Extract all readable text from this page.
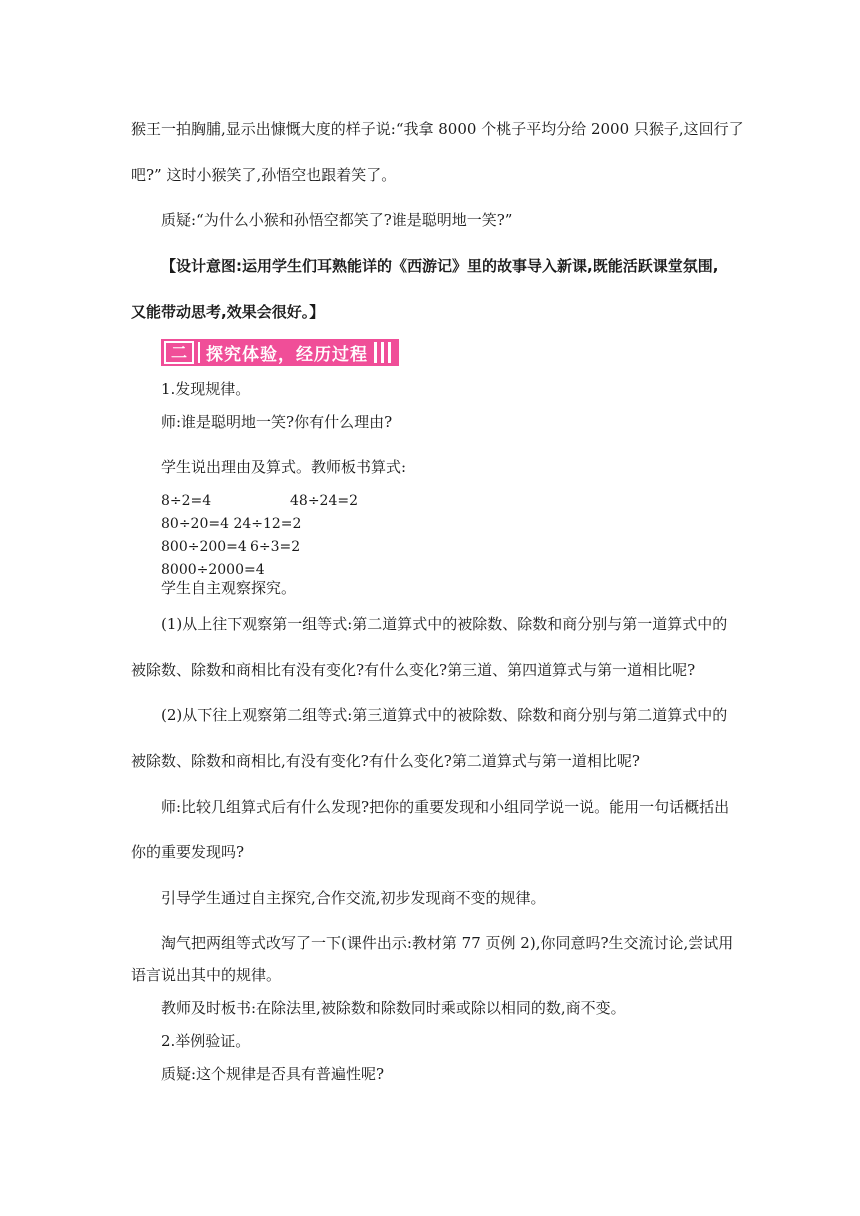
猴王一拍胸脯,显示出慷慨大度的样子说:“我拿 8000 个桃子平均分给 2000 只猴子,这回行了
吧?” 这时小猴笑了,孙悟空也跟着笑了。
质疑:“为什么小猴和孙悟空都笑了?谁是聪明地一笑?”
【设计意图:运用学生们耳熟能详的《西游记》里的故事导入新课,既能活跃课堂氛围,
又能带动思考,效果会很好。】
二	探究体验，经历过程
1.发现规律。
师:谁是聪明地一笑?你有什么理由?
学生说出理由及算式。教师板书算式:
8÷2=4	48÷24=2
80÷20=4 24÷12=2
800÷200=4 6÷3=2
8000÷2000=4
学生自主观察探究。
(1)从上往下观察第一组等式:第二道算式中的被除数、除数和商分别与第一道算式中的
被除数、除数和商相比有没有变化?有什么变化?第三道、第四道算式与第一道相比呢?
(2)从下往上观察第二组等式:第三道算式中的被除数、除数和商分别与第二道算式中的
被除数、除数和商相比,有没有变化?有什么变化?第二道算式与第一道相比呢?
师:比较几组算式后有什么发现?把你的重要发现和小组同学说一说。能用一句话概括出
你的重要发现吗?
引导学生通过自主探究,合作交流,初步发现商不变的规律。
淘气把两组等式改写了一下(课件出示:教材第 77 页例 2),你同意吗?生交流讨论,尝试用
语言说出其中的规律。
教师及时板书:在除法里,被除数和除数同时乘或除以相同的数,商不变。
2.举例验证。
质疑:这个规律是否具有普遍性呢?
